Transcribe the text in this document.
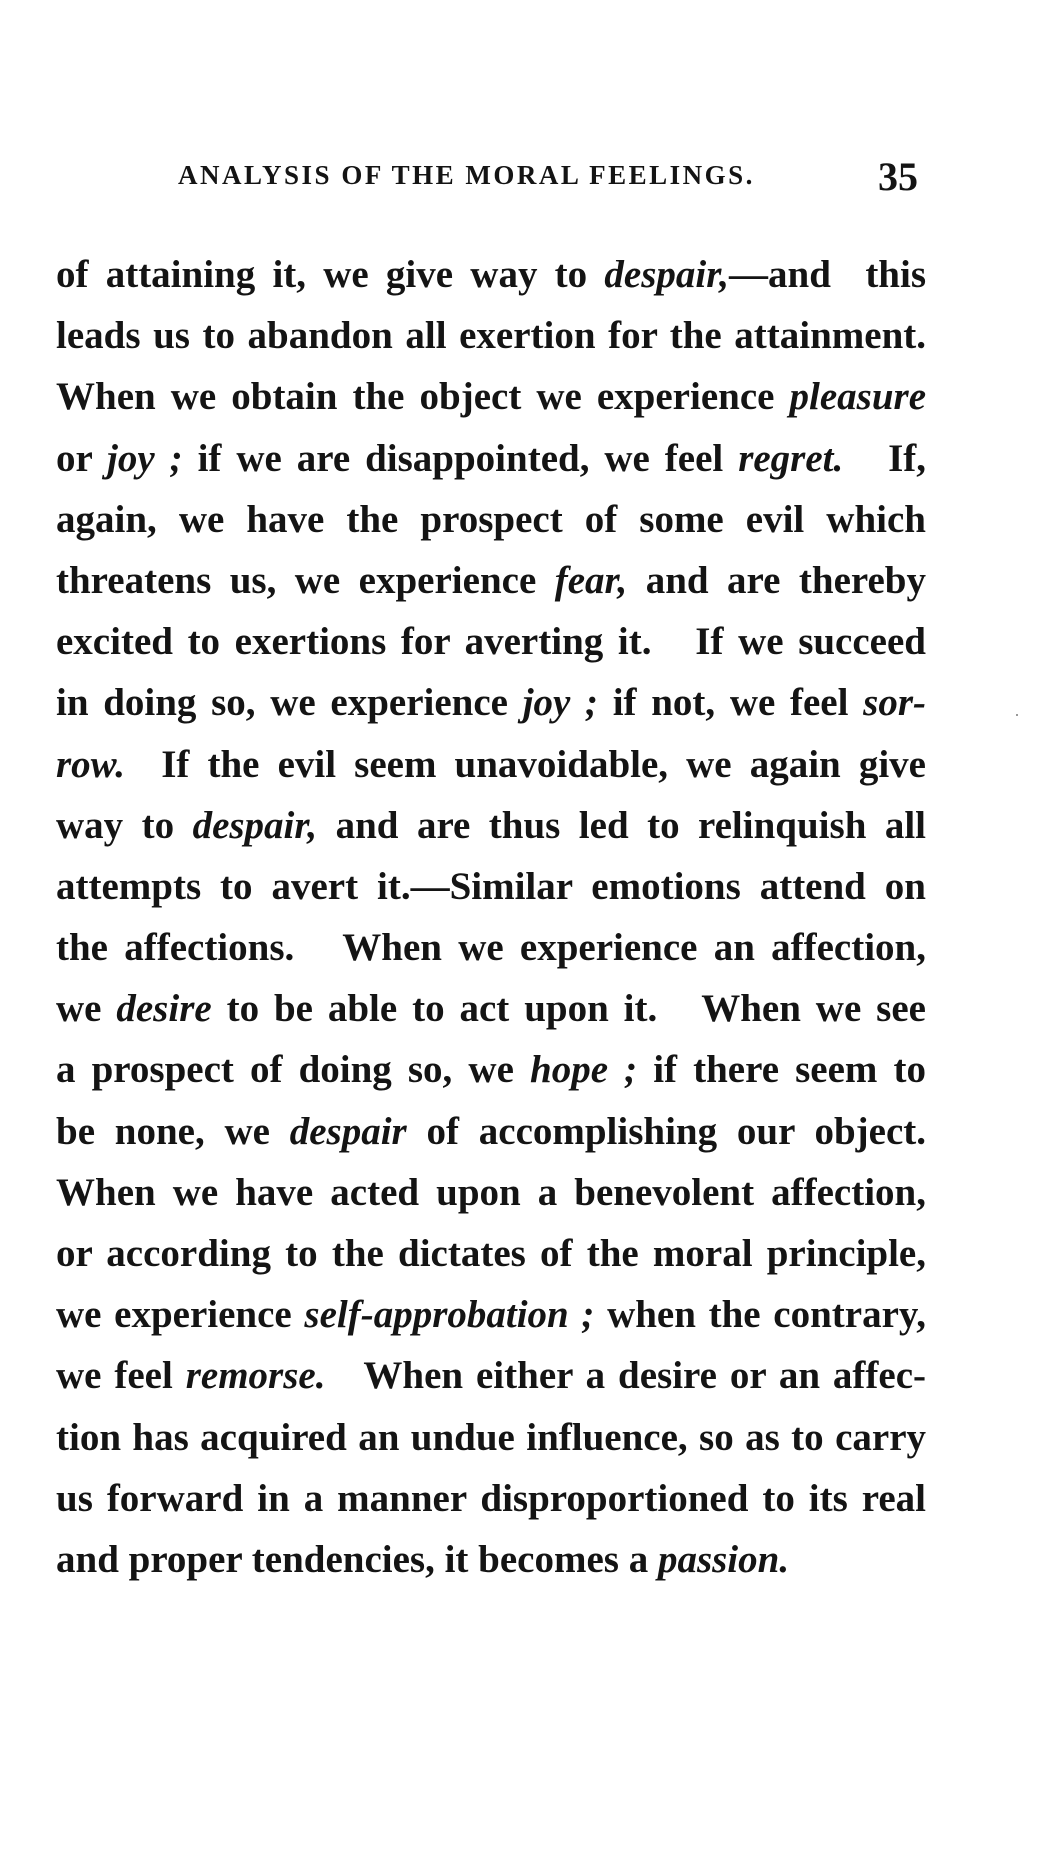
ANALYSIS OF THE MORAL FEELINGS.	35
of attaining it, we give way to despair,—and  this
leads us to abandon all exertion for the attainment.
When we obtain the object we experience pleasure
or joy ; if we are disappointed, we feel regret.   If,
again, we have the prospect of some evil which
threatens us, we experience fear, and are thereby
excited to exertions for averting it.   If we succeed
in doing so, we experience joy ; if not, we feel sor-
row.  If the evil seem unavoidable, we again give
way to despair, and are thus led to relinquish all
attempts to avert it.—Similar emotions attend on
the affections.   When we experience an affection,
we desire to be able to act upon it.   When we see
a prospect of doing so, we hope ; if there seem to
be none, we despair of accomplishing our object.
When we have acted upon a benevolent affection,
or according to the dictates of the moral principle,
we experience self-approbation ; when the contrary,
we feel remorse.   When either a desire or an affec-
tion has acquired an undue influence, so as to carry
us forward in a manner disproportioned to its real
and proper tendencies, it becomes a passion.
